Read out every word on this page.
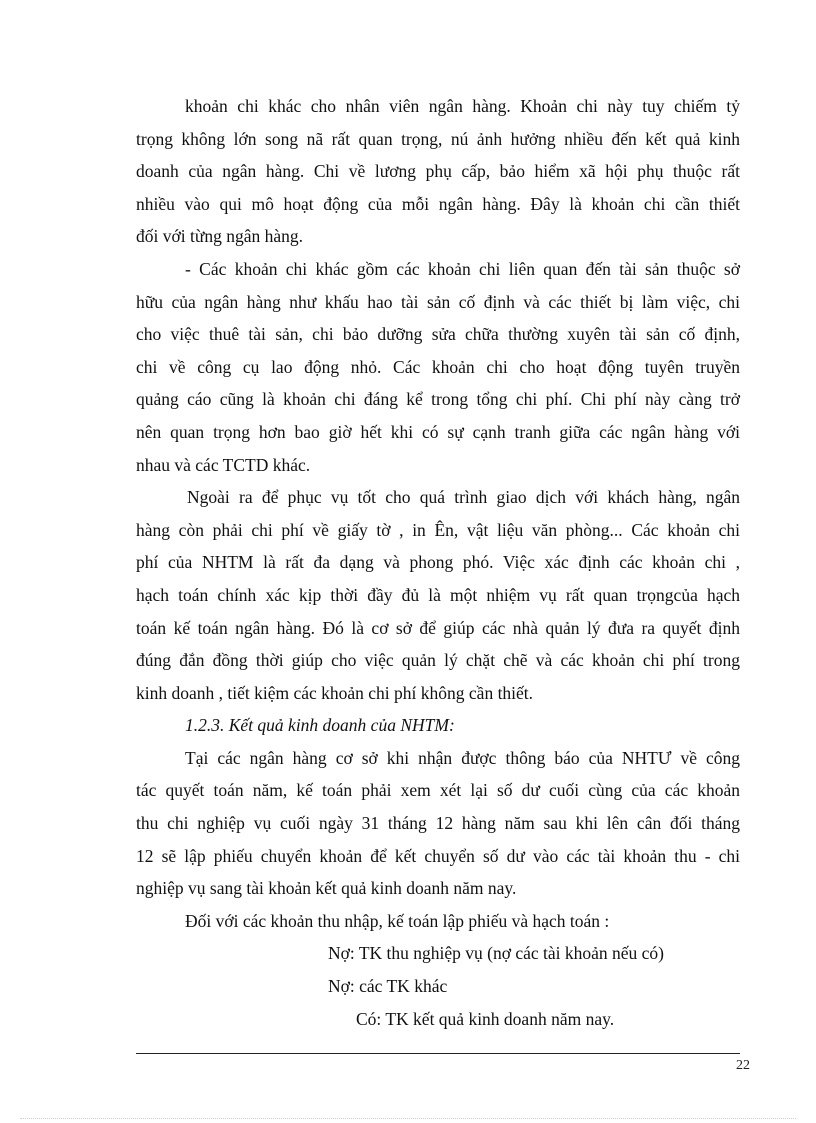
khoản chi khác cho nhân viên ngân hàng. Khoản chi này tuy chiếm tỷ
trọng không lớn song nã rất quan trọng, nú ảnh hưởng nhiều đến kết quả kinh
doanh của ngân hàng. Chi về lương phụ cấp, bảo hiểm xã hội phụ thuộc rất
nhiều vào qui mô hoạt động của mỗi ngân hàng. Đây là khoản chi cần thiết
đối với từng ngân hàng.
- Các khoản chi khác gồm các khoản chi liên quan đến tài sản thuộc sở
hữu của ngân hàng như khấu hao tài sản cố định và các thiết bị làm việc, chi
cho việc thuê tài sản, chi bảo dưỡng sửa chữa thường xuyên tài sản cố định,
chi về công cụ lao động nhỏ. Các khoản chi cho hoạt động tuyên truyền
quảng cáo cũng là khoản chi đáng kể trong tổng chi phí. Chi phí này càng trở
nên quan trọng hơn bao giờ hết khi có sự cạnh tranh giữa các ngân hàng với
nhau và các TCTD khác.
Ngoài ra để phục vụ tốt cho quá trình giao dịch với khách hàng, ngân
hàng còn phải chi phí về giấy tờ , in Ên, vật liệu văn phòng... Các khoản chi
phí của NHTM là rất đa dạng và phong phó. Việc xác định các khoản chi ,
hạch toán chính xác kịp thời đầy đủ là một nhiệm vụ rất quan trọngcủa hạch
toán kế toán ngân hàng. Đó là cơ sở để giúp các nhà quản lý đưa ra quyết định
đúng đắn đồng thời giúp cho việc quản lý chặt chẽ và các khoản chi phí trong
kinh doanh , tiết kiệm các khoản chi phí không cần thiết.
1.2.3. Kết quả kinh doanh của NHTM:
Tại các ngân hàng cơ sở khi nhận được thông báo của NHTƯ về công
tác quyết toán năm, kế toán phải xem xét lại số dư cuối cùng của các khoản
thu chi nghiệp vụ cuối ngày 31 tháng 12 hàng năm sau khi lên cân đối tháng
12 sẽ lập phiếu chuyển khoản để kết chuyển số dư vào các tài khoản thu - chi
nghiệp vụ sang tài khoản kết quả kinh doanh năm nay.
Đối với các khoản thu nhập, kế toán lập phiếu và hạch toán :
Nợ: TK thu nghiệp vụ (nợ các tài khoản nếu có)
Nợ: các TK khác
Có: TK kết quả kinh doanh năm nay.
22
